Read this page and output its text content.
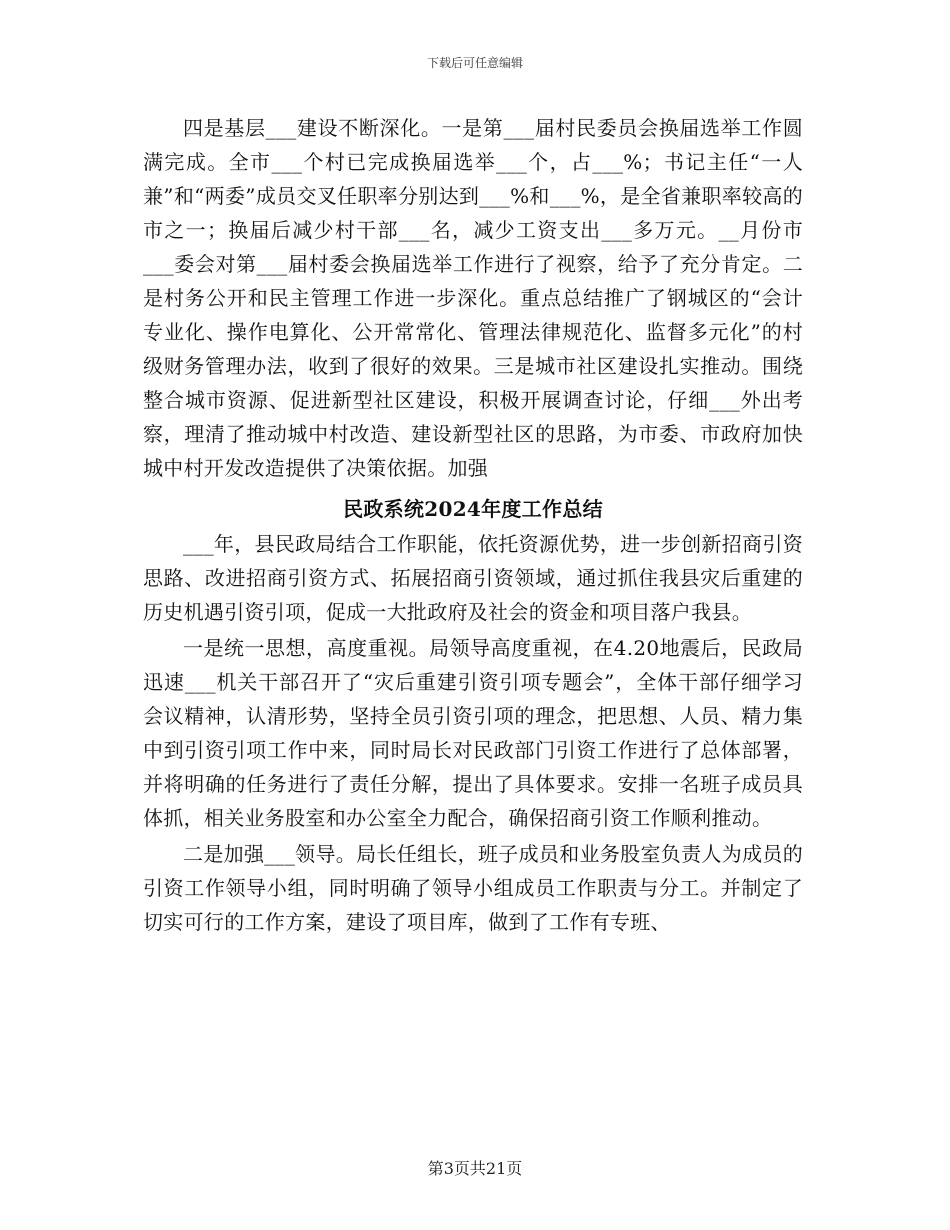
下载后可任意编辑

四是基层___建设不断深化。一是第___届村民委员会换届选举工作圆满完成。全市___个村已完成换届选举___个，占___%；书记主任“一人兼”和“两委”成员交叉任职率分别达到___%和___%，是全省兼职率较高的市之一；换届后减少村干部___名，减少工资支出___多万元。__月份市___委会对第___届村委会换届选举工作进行了视察，给予了充分肯定。二是村务公开和民主管理工作进一步深化。重点总结推广了钢城区的“会计专业化、操作电算化、公开常常化、管理法律规范化、监督多元化”的村级财务管理办法，收到了很好的效果。三是城市社区建设扎实推动。围绕整合城市资源、促进新型社区建设，积极开展调查讨论，仔细___外出考察，理清了推动城中村改造、建设新型社区的思路，为市委、市政府加快城中村开发改造提供了决策依据。加强

民政系统2024年度工作总结

___年，县民政局结合工作职能，依托资源优势，进一步创新招商引资思路、改进招商引资方式、拓展招商引资领域，通过抓住我县灾后重建的历史机遇引资引项，促成一大批政府及社会的资金和项目落户我县。

一是统一思想，高度重视。局领导高度重视，在4.20地震后，民政局迅速___机关干部召开了“灾后重建引资引项专题会”，全体干部仔细学习会议精神，认清形势，坚持全员引资引项的理念，把思想、人员、精力集中到引资引项工作中来，同时局长对民政部门引资工作进行了总体部署，并将明确的任务进行了责任分解，提出了具体要求。安排一名班子成员具体抓，相关业务股室和办公室全力配合，确保招商引资工作顺利推动。

二是加强___领导。局长任组长，班子成员和业务股室负责人为成员的引资工作领导小组，同时明确了领导小组成员工作职责与分工。并制定了切实可行的工作方案，建设了项目库，做到了工作有专班、

第3页共21页
